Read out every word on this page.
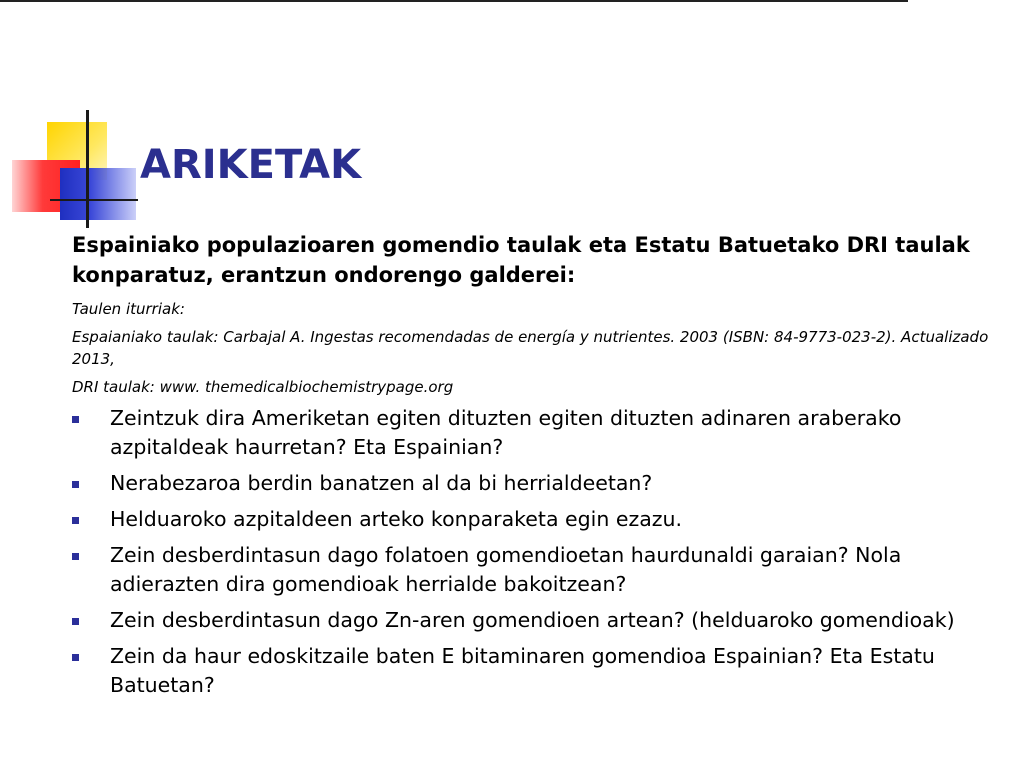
ARIKETAK

Espainiako populazioaren gomendio taulak eta Estatu Batuetako DRI taulak konparatuz, erantzun ondorengo galderei:

Taulen iturriak:

Espaianiako taulak: Carbajal A. Ingestas recomendadas de energía y nutrientes. 2003 (ISBN: 84-9773-023-2). Actualizado 2013,

DRI taulak: www. themedicalbiochemistrypage.org

Zeintzuk dira Ameriketan egiten dituzten egiten dituzten adinaren araberako azpitaldeak haurretan? Eta Espainian?
Nerabezaroa berdin banatzen al da bi herrialdeetan?
Helduaroko azpitaldeen arteko konparaketa egin ezazu.
Zein desberdintasun dago folatoen gomendioetan haurdunaldi garaian? Nola adierazten dira gomendioak herrialde bakoitzean?
Zein desberdintasun dago Zn-aren gomendioen artean? (helduaroko gomendioak)
Zein da haur edoskitzaile baten E bitaminaren gomendioa Espainian? Eta Estatu Batuetan?
